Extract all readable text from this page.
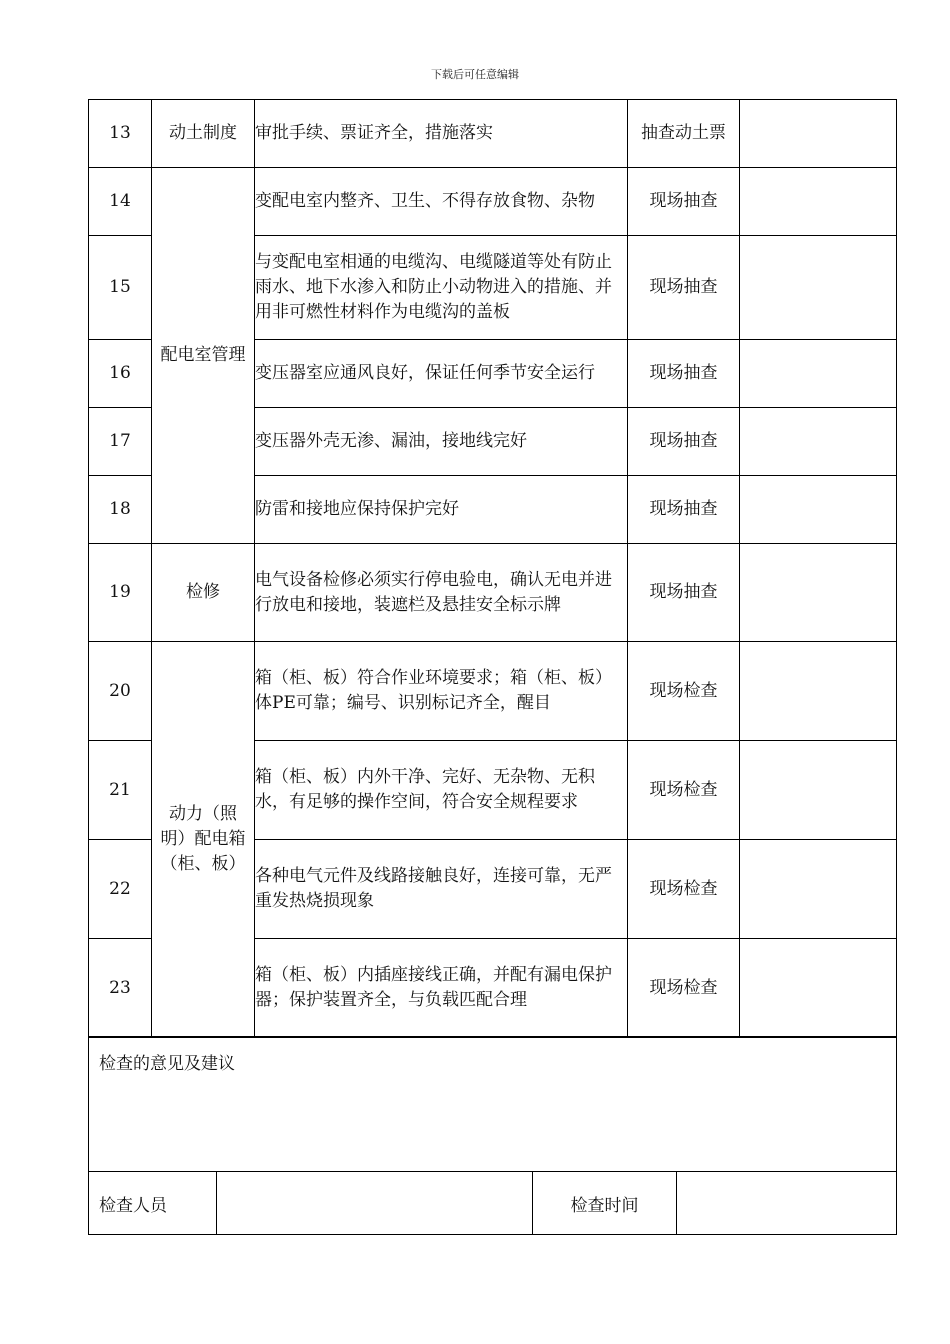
下载后可任意编辑
13	动土制度	审批手续、票证齐全，措施落实	抽查动土票	
14	配电室管理	变配电室内整齐、卫生、不得存放食物、杂物	现场抽查	
15		与变配电室相通的电缆沟、电缆隧道等处有防止雨水、地下水渗入和防止小动物进入的措施、并用非可燃性材料作为电缆沟的盖板	现场抽查	
16		变压器室应通风良好，保证任何季节安全运行	现场抽查	
17		变压器外壳无渗、漏油，接地线完好	现场抽查	
18		防雷和接地应保持保护完好	现场抽查	
19	检修	电气设备检修必须实行停电验电，确认无电并进行放电和接地，装遮栏及悬挂安全标示牌	现场抽查	
20	动力（照明）配电箱（柜、板）	箱（柜、板）符合作业环境要求；箱（柜、板）体PE可靠；编号、识别标记齐全，醒目	现场检查	
21		箱（柜、板）内外干净、完好、无杂物、无积水，有足够的操作空间，符合安全规程要求	现场检查	
22		各种电气元件及线路接触良好，连接可靠，无严重发热烧损现象	现场检查	
23		箱（柜、板）内插座接线正确，并配有漏电保护器；保护装置齐全，与负载匹配合理	现场检查	
检查的意见及建议
检查人员		检查时间	
